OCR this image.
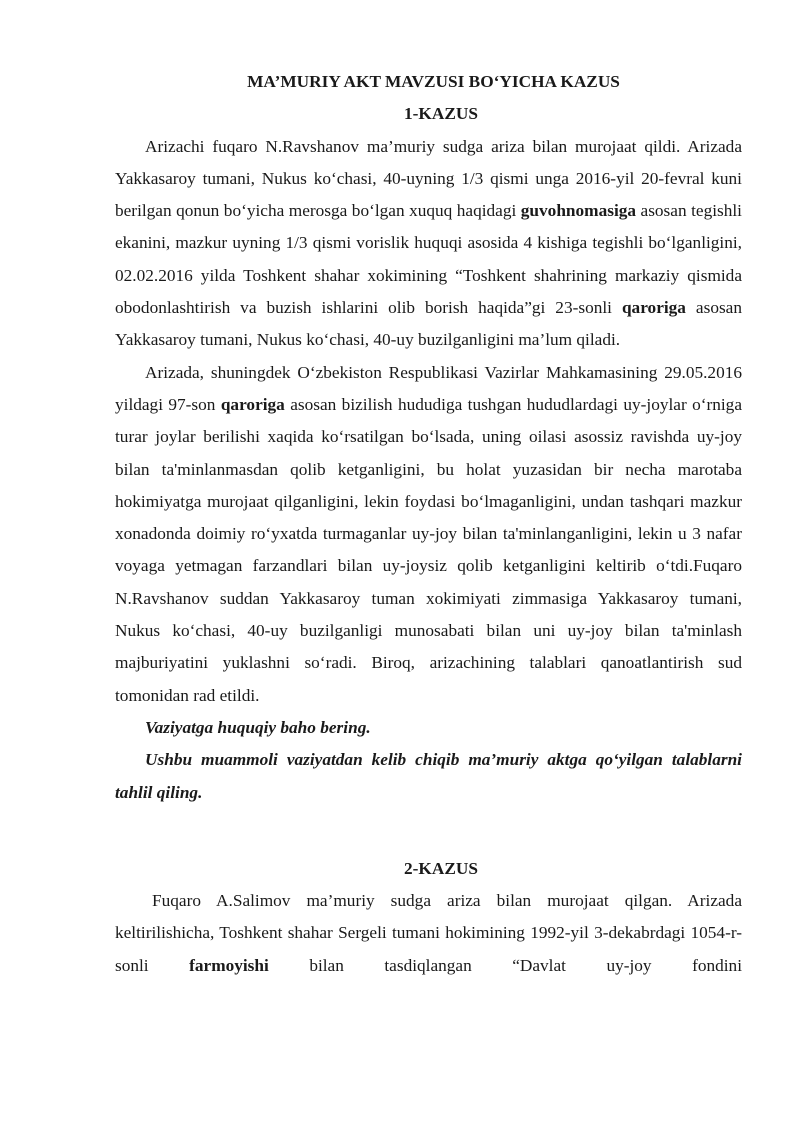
MA’MURIY AKT MAVZUSI BO‘YICHA KAZUS

1-KAZUS

Arizachi fuqaro N.Ravshanov ma’muriy sudga ariza bilan murojaat qildi. Arizada Yakkasaroy tumani, Nukus ko‘chasi, 40-uyning 1/3 qismi unga 2016-yil 20-fevral kuni berilgan qonun bo‘yicha merosga bo‘lgan xuquq haqidagi guvohnomasiga asosan tegishli ekanini, mazkur uyning 1/3 qismi vorislik huquqi asosida 4 kishiga tegishli bo‘lganligini, 02.02.2016 yilda Toshkent shahar xokimining “Toshkent shahrining markaziy qismida obodonlashtirish va buzish ishlarini olib borish haqida”gi 23-sonli qaroriga asosan Yakkasaroy tumani, Nukus ko‘chasi, 40-uy buzilganligini ma’lum qiladi.

Arizada, shuningdek O‘zbekiston Respublikasi Vazirlar Mahkamasining 29.05.2016 yildagi 97-son qaroriga asosan bizilish hududiga tushgan hududlardagi uy-joylar o‘rniga turar joylar berilishi xaqida ko‘rsatilgan bo‘lsada, uning oilasi asossiz ravishda uy-joy bilan ta'minlanmasdan qolib ketganligini, bu holat yuzasidan bir necha marotaba hokimiyatga murojaat qilganligini, lekin foydasi bo‘lmaganligini, undan tashqari mazkur xonadonda doimiy ro‘yxatda turmaganlar uy-joy bilan ta'minlanganligini, lekin u 3 nafar voyaga yetmagan farzandlari bilan uy-joysiz qolib ketganligini keltirib o‘tdi.Fuqaro N.Ravshanov suddan Yakkasaroy tuman xokimiyati zimmasiga Yakkasaroy tumani, Nukus ko‘chasi, 40-uy buzilganligi munosabati bilan uni uy-joy bilan ta'minlash majburiyatini yuklashni so‘radi. Biroq, arizachining talablari qanoatlantirish sud tomonidan rad etildi.

Vaziyatga huquqiy baho bering.

Ushbu muammoli vaziyatdan kelib chiqib ma’muriy aktga qo‘yilgan talablarni tahlil qiling.

2-KAZUS

Fuqaro A.Salimov ma’muriy sudga ariza bilan murojaat qilgan. Arizada keltirilishicha, Toshkent shahar Sergeli tumani hokimining 1992-yil 3-dekabrdagi 1054-r-sonli farmoyishi bilan tasdiqlangan “Davlat uy-joy fondini
